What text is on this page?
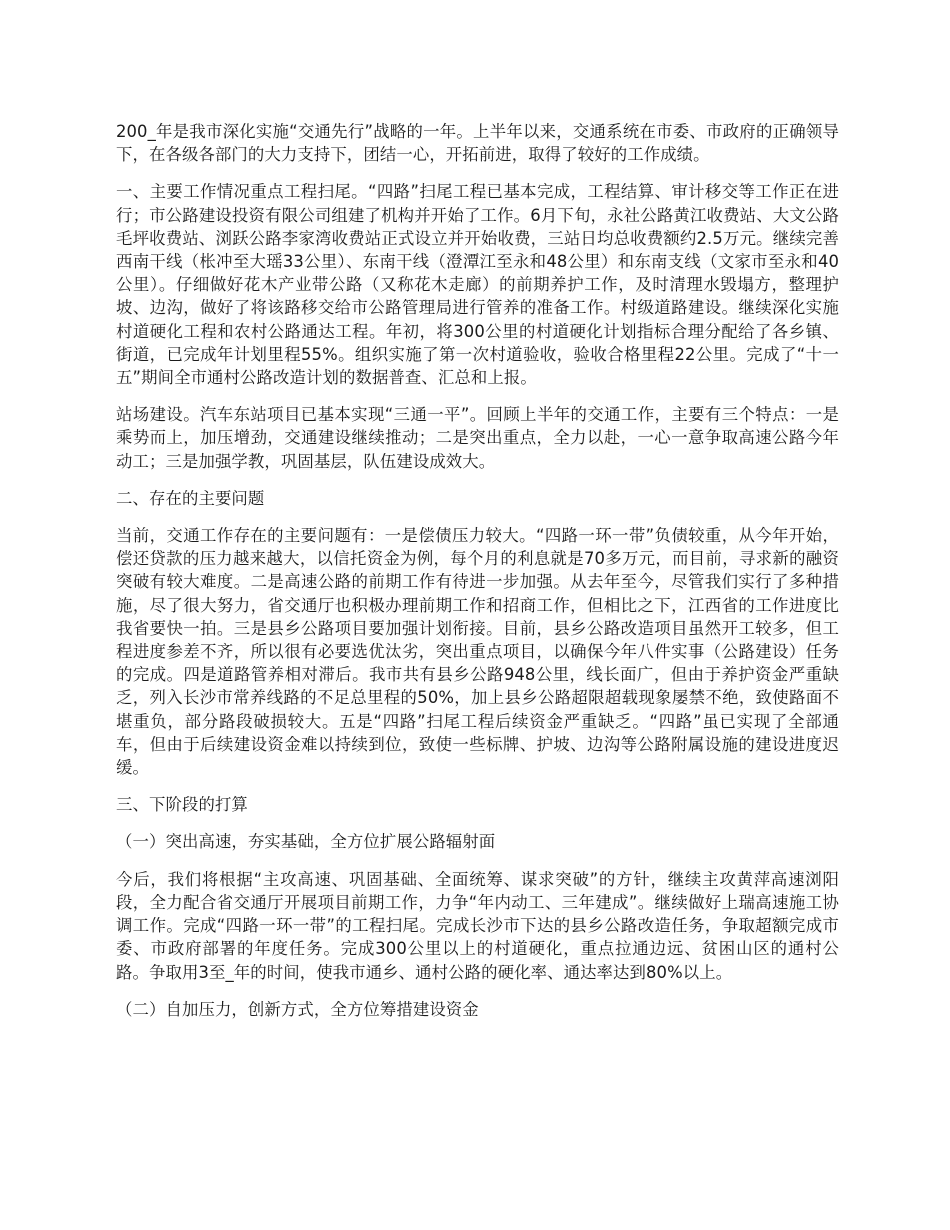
200_年是我市深化实施“交通先行”战略的一年。上半年以来，交通系统在市委、市政府的正确领导下，在各级各部门的大力支持下，团结一心，开拓前进，取得了较好的工作成绩。

一、主要工作情况重点工程扫尾。“四路”扫尾工程已基本完成，工程结算、审计移交等工作正在进行；市公路建设投资有限公司组建了机构并开始了工作。6月下旬，永社公路黄江收费站、大文公路毛坪收费站、浏跃公路李家湾收费站正式设立并开始收费，三站日均总收费额约2.5万元。继续完善西南干线（枨冲至大瑶33公里）、东南干线（澄潭江至永和48公里）和东南支线（文家市至永和40公里）。仔细做好花木产业带公路（又称花木走廊）的前期养护工作，及时清理水毁塌方，整理护坡、边沟，做好了将该路移交给市公路管理局进行管养的准备工作。村级道路建设。继续深化实施村道硬化工程和农村公路通达工程。年初，将300公里的村道硬化计划指标合理分配给了各乡镇、街道，已完成年计划里程55%。组织实施了第一次村道验收，验收合格里程22公里。完成了“十一五”期间全市通村公路改造计划的数据普查、汇总和上报。

站场建设。汽车东站项目已基本实现“三通一平”。回顾上半年的交通工作，主要有三个特点：一是乘势而上，加压增劲，交通建设继续推动；二是突出重点，全力以赴，一心一意争取高速公路今年动工；三是加强学教，巩固基层，队伍建设成效大。

二、存在的主要问题

当前，交通工作存在的主要问题有：一是偿债压力较大。“四路一环一带”负债较重，从今年开始，偿还贷款的压力越来越大，以信托资金为例，每个月的利息就是70多万元，而目前，寻求新的融资突破有较大难度。二是高速公路的前期工作有待进一步加强。从去年至今，尽管我们实行了多种措施，尽了很大努力，省交通厅也积极办理前期工作和招商工作，但相比之下，江西省的工作进度比我省要快一拍。三是县乡公路项目要加强计划衔接。目前，县乡公路改造项目虽然开工较多，但工程进度参差不齐，所以很有必要选优汰劣，突出重点项目，以确保今年八件实事（公路建设）任务的完成。四是道路管养相对滞后。我市共有县乡公路948公里，线长面广，但由于养护资金严重缺乏，列入长沙市常养线路的不足总里程的50%，加上县乡公路超限超载现象屡禁不绝，致使路面不堪重负，部分路段破损较大。五是“四路”扫尾工程后续资金严重缺乏。“四路”虽已实现了全部通车，但由于后续建设资金难以持续到位，致使一些标牌、护坡、边沟等公路附属设施的建设进度迟缓。

三、下阶段的打算

（一）突出高速，夯实基础，全方位扩展公路辐射面

今后，我们将根据“主攻高速、巩固基础、全面统筹、谋求突破”的方针，继续主攻黄萍高速浏阳段，全力配合省交通厅开展项目前期工作，力争“年内动工、三年建成”。继续做好上瑞高速施工协调工作。完成“四路一环一带”的工程扫尾。完成长沙市下达的县乡公路改造任务，争取超额完成市委、市政府部署的年度任务。完成300公里以上的村道硬化，重点拉通边远、贫困山区的通村公路。争取用3至_年的时间，使我市通乡、通村公路的硬化率、通达率达到80%以上。

（二）自加压力，创新方式，全方位筹措建设资金
